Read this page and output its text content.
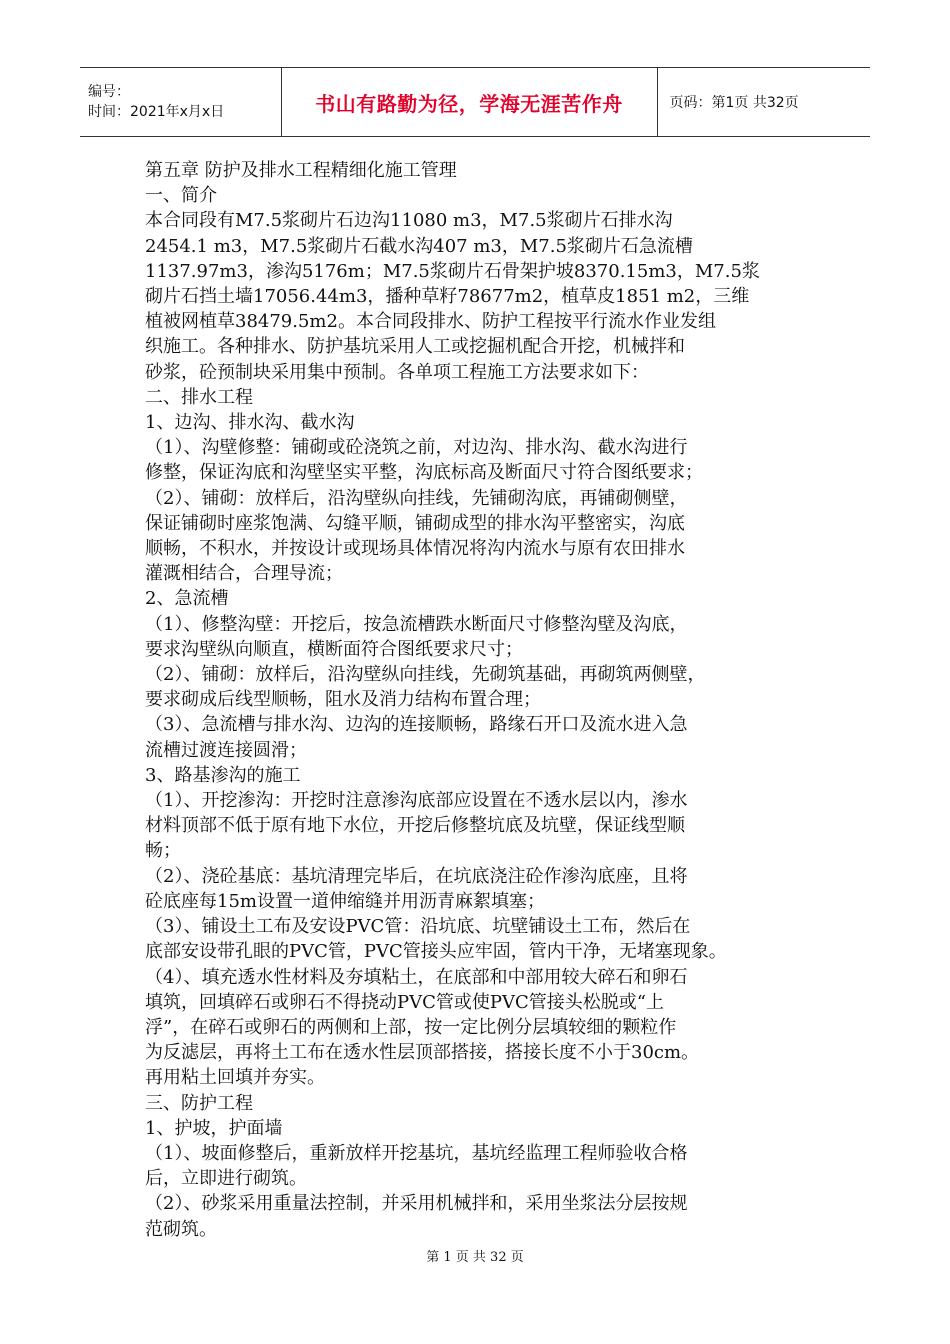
编号：
时间：2021年x月x日	书山有路勤为径，学海无涯苦作舟	页码：第1页 共32页
第五章 防护及排水工程精细化施工管理
一、简介
本合同段有M7.5浆砌片石边沟11080 m3，M7.5浆砌片石排水沟
2454.1 m3，M7.5浆砌片石截水沟407 m3，M7.5浆砌片石急流槽
1137.97m3，渗沟5176m；M7.5浆砌片石骨架护坡8370.15m3，M7.5浆
砌片石挡土墙17056.44m3，播种草籽78677m2，植草皮1851 m2，三维
植被网植草38479.5m2。本合同段排水、防护工程按平行流水作业发组
织施工。各种排水、防护基坑采用人工或挖掘机配合开挖，机械拌和
砂浆，砼预制块采用集中预制。各单项工程施工方法要求如下：
二、排水工程
1、边沟、排水沟、截水沟
（1）、沟壁修整：铺砌或砼浇筑之前，对边沟、排水沟、截水沟进行
修整，保证沟底和沟壁坚实平整，沟底标高及断面尺寸符合图纸要求；
（2）、铺砌：放样后，沿沟壁纵向挂线，先铺砌沟底，再铺砌侧壁，
保证铺砌时座浆饱满、勾缝平顺，铺砌成型的排水沟平整密实，沟底
顺畅，不积水，并按设计或现场具体情况将沟内流水与原有农田排水
灌溉相结合，合理导流；
2、急流槽
（1）、修整沟壁：开挖后，按急流槽跌水断面尺寸修整沟壁及沟底，
要求沟壁纵向顺直，横断面符合图纸要求尺寸；
（2）、铺砌：放样后，沿沟壁纵向挂线，先砌筑基础，再砌筑两侧壁，
要求砌成后线型顺畅，阻水及消力结构布置合理；
（3）、急流槽与排水沟、边沟的连接顺畅，路缘石开口及流水进入急
流槽过渡连接圆滑；
3、路基渗沟的施工
（1）、开挖渗沟：开挖时注意渗沟底部应设置在不透水层以内，渗水
材料顶部不低于原有地下水位，开挖后修整坑底及坑壁，保证线型顺
畅；
（2）、浇砼基底：基坑清理完毕后，在坑底浇注砼作渗沟底座，且将
砼底座每15m设置一道伸缩缝并用沥青麻絮填塞；
（3）、铺设土工布及安设PVC管：沿坑底、坑壁铺设土工布，然后在
底部安设带孔眼的PVC管，PVC管接头应牢固，管内干净，无堵塞现象。
（4）、填充透水性材料及夯填粘土，在底部和中部用较大碎石和卵石
填筑，回填碎石或卵石不得挠动PVC管或使PVC管接头松脱或“上
浮”，在碎石或卵石的两侧和上部，按一定比例分层填较细的颗粒作
为反滤层，再将土工布在透水性层顶部搭接，搭接长度不小于30cm。
再用粘土回填并夯实。
三、防护工程
1、护坡，护面墙
（1）、坡面修整后，重新放样开挖基坑，基坑经监理工程师验收合格
后，立即进行砌筑。
（2）、砂浆采用重量法控制，并采用机械拌和，采用坐浆法分层按规
范砌筑。
第 1 页 共 32 页
